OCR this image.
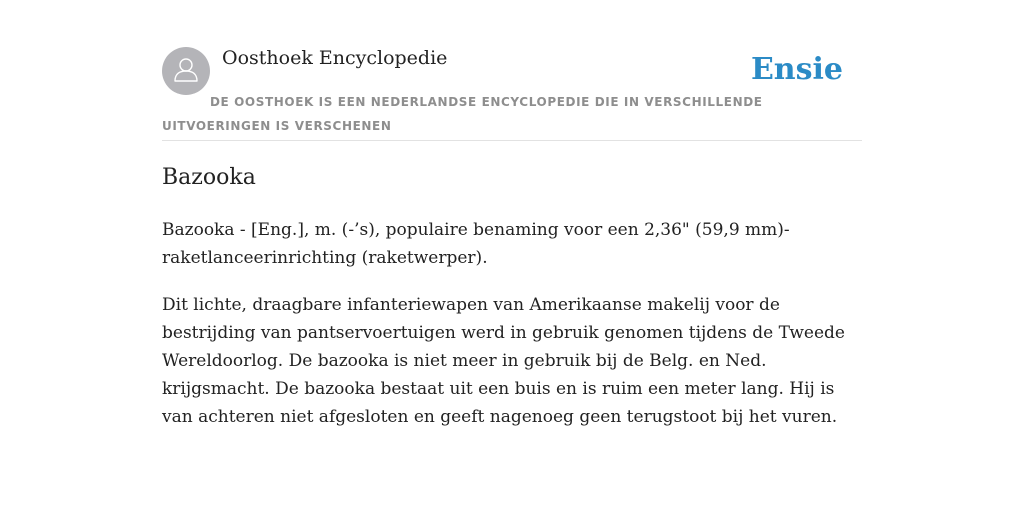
Oosthoek Encyclopedie	Ensie
DE OOSTHOEK IS EEN NEDERLANDSE ENCYCLOPEDIE DIE IN VERSCHILLENDE UITVOERINGEN IS VERSCHENEN
Bazooka

Bazooka - [Eng.], m. (-’s), populaire benaming voor een 2,36" (59,9 mm)-raketlanceerinrichting (raketwerper).

Dit lichte, draagbare infanteriewapen van Amerikaanse makelij voor de bestrijding van pantservoertuigen werd in gebruik genomen tijdens de Tweede Wereldoorlog. De bazooka is niet meer in gebruik bij de Belg. en Ned. krijgsmacht. De bazooka bestaat uit een buis en is ruim een meter lang. Hij is van achteren niet afgesloten en geeft nagenoeg geen terugstoot bij het vuren.
